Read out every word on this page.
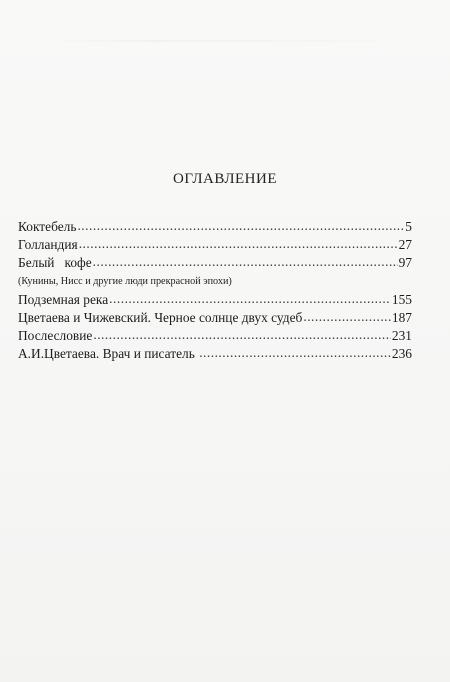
ОГЛАВЛЕНИЕ
Коктебель .....	5
Голландия .....	27
Белый   кофе .....	97
(Кунины, Нисс и другие люди прекрасной эпохи)
Подземная река .....	155
Цветаева и Чижевский. Черное солнце двух судеб .....	187
Послесловие .....	231
А.И.Цветаева. Врач и писатель .....	236
